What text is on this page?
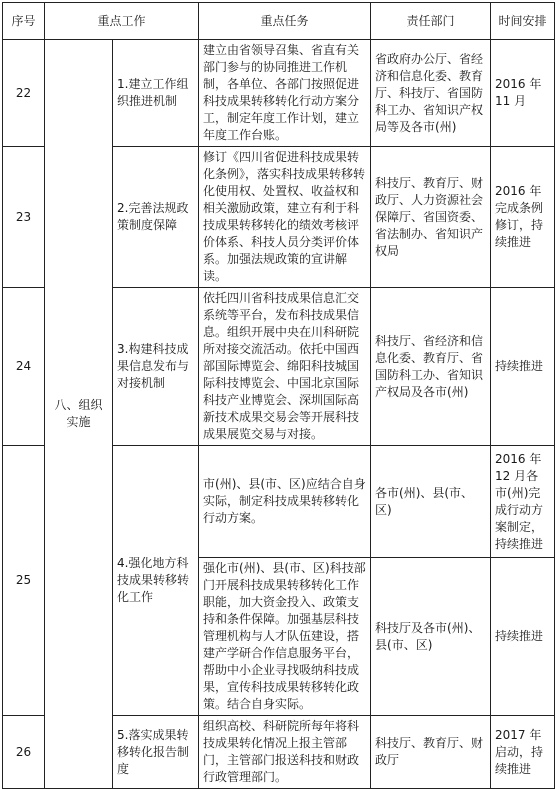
序号	重点工作		重点任务	责任部门	时间安排
22	八、组织实施	1.建立工作组织推进机制	建立由省领导召集、省直有关部门参与的协同推进工作机制，各单位、各部门按照促进科技成果转移转化行动方案分工，制定年度工作计划，建立年度工作台账。	省政府办公厅、省经济和信息化委、教育厅、科技厅、省国防科工办、省知识产权局等及各市(州)	2016 年 11 月
23		2.完善法规政策制度保障	修订《四川省促进科技成果转化条例》，落实科技成果转移转化使用权、处置权、收益权和相关激励政策，建立有利于科技成果转移转化的绩效考核评价体系、科技人员分类评价体系。加强法规政策的宣讲解读。	科技厅、教育厅、财政厅、人力资源社会保障厅、省国资委、省法制办、省知识产权局	2016 年完成条例修订，持续推进
24		3.构建科技成果信息发布与对接机制	依托四川省科技成果信息汇交系统等平台，发布科技成果信息。组织开展中央在川科研院所对接交流活动。依托中国西部国际博览会、绵阳科技城国际科技博览会、中国北京国际科技产业博览会、深圳国际高新技术成果交易会等开展科技成果展览交易与对接。	科技厅、省经济和信息化委、教育厅、省国防科工办、省知识产权局及各市(州)	持续推进
25		4.强化地方科技成果转移转化工作	市(州)、县(市、区)应结合自身实际，制定科技成果转移转化行动方案。	各市(州)、县(市、区)	2016 年 12 月各市(州)完成行动方案制定，持续推进
			强化市(州)、县(市、区)科技部门开展科技成果转移转化工作职能，加大资金投入、政策支持和条件保障。加强基层科技管理机构与人才队伍建设，搭建产学研合作信息服务平台，帮助中小企业寻找吸纳科技成果，宣传科技成果转移转化政策。结合自身实际。	科技厅及各市(州)、县(市、区)	持续推进
26		5.落实成果转移转化报告制度	组织高校、科研院所每年将科技成果转化情况上报主管部门，主管部门报送科技和财政行政管理部门。	科技厅、教育厅、财政厅	2017 年启动，持续推进
